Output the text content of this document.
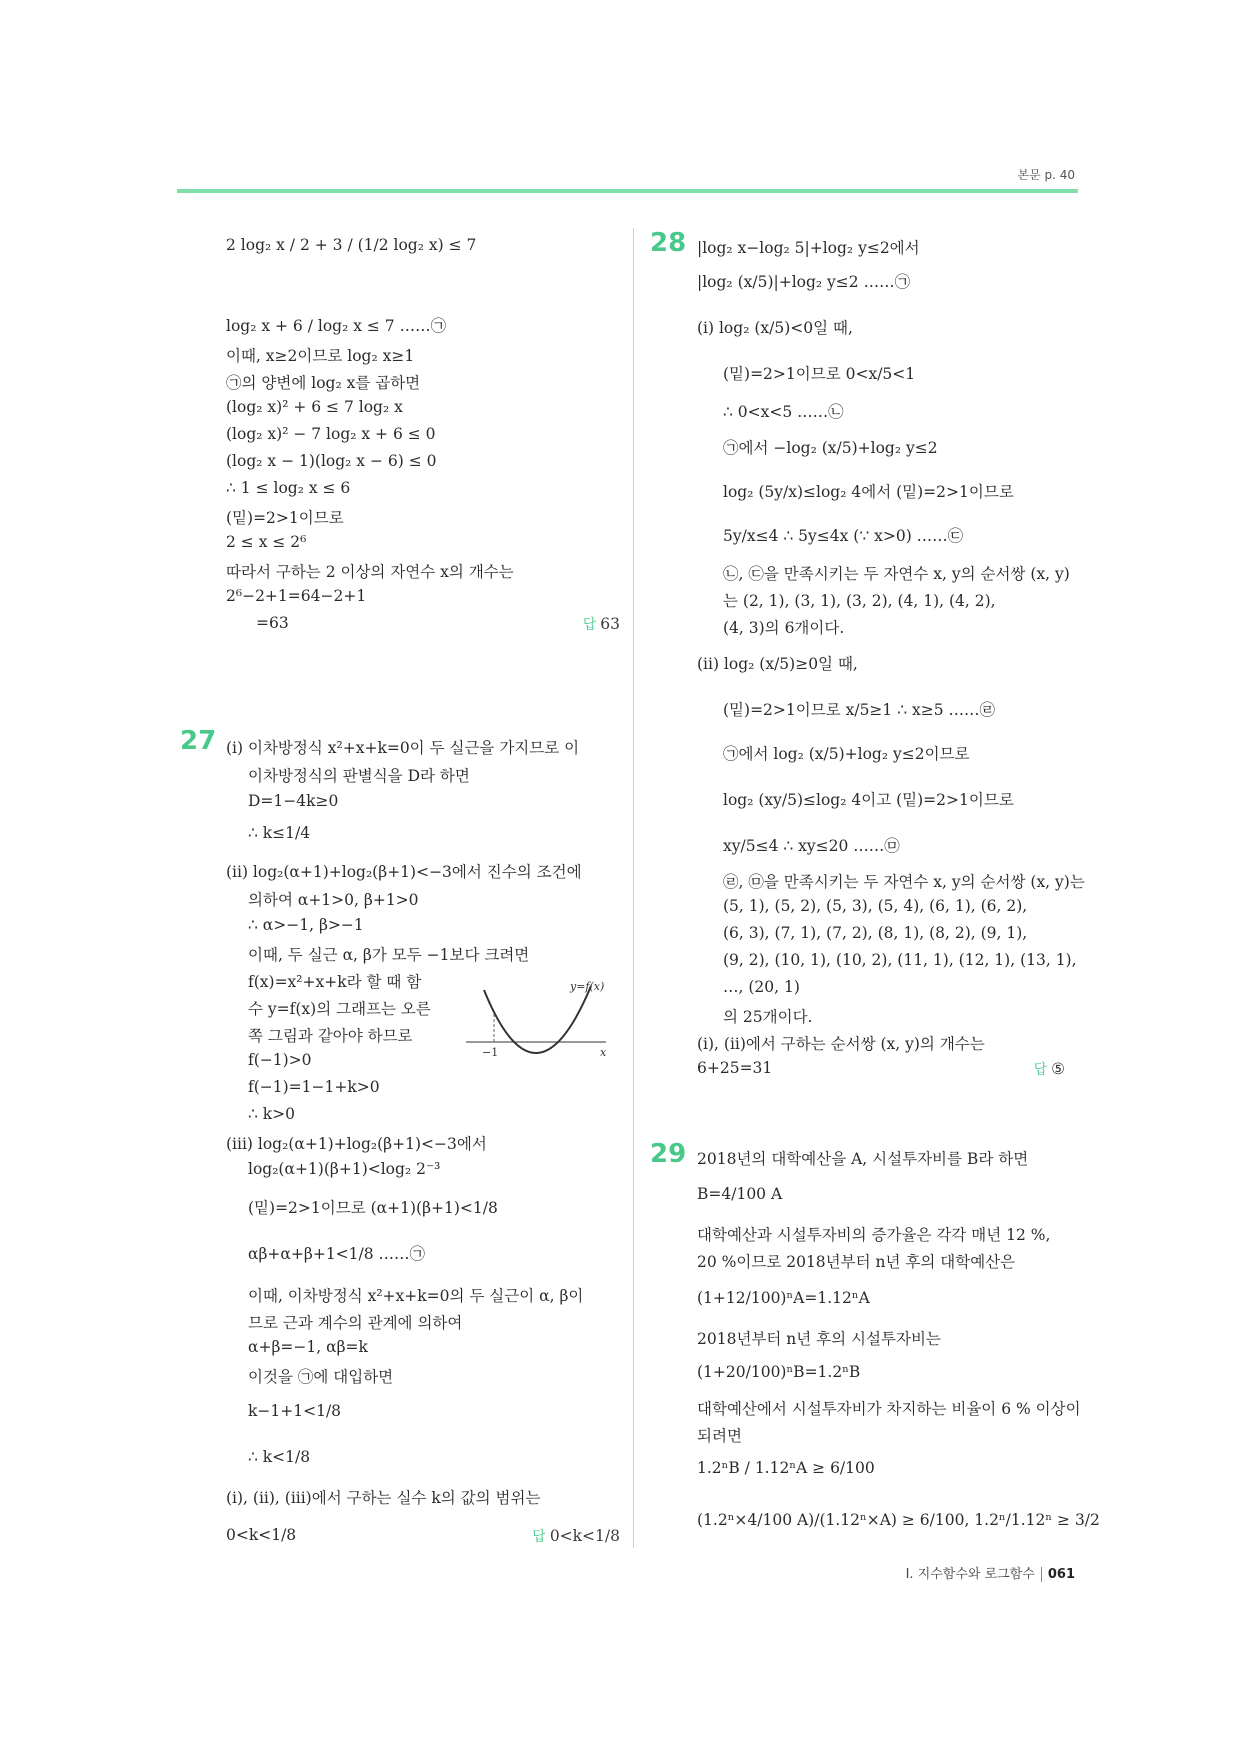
본문 p. 40
2 log₂ x / 2 + 3 / (1/2 log₂ x) ≤ 7
log₂ x + 6 / log₂ x ≤ 7 ……㉠
이때, x≥2이므로 log₂ x≥1
㉠의 양변에 log₂ x를 곱하면
(log₂ x)² + 6 ≤ 7 log₂ x
(log₂ x)² − 7 log₂ x + 6 ≤ 0
(log₂ x − 1)(log₂ x − 6) ≤ 0
∴ 1 ≤ log₂ x ≤ 6
(밑)=2>1이므로
2 ≤ x ≤ 2⁶
따라서 구하는 2 이상의 자연수 x의 개수는
2⁶−2+1=64−2+1
=63	답 63
27 (i) 이차방정식 x²+x+k=0이 두 실근을 가지므로 이
이차방정식의 판별식을 D라 하면
D=1−4k≥0
∴ k≤1/4
(ii) log₂(α+1)+log₂(β+1)<−3에서 진수의 조건에
의하여 α+1>0, β+1>0
∴ α>−1, β>−1
이때, 두 실근 α, β가 모두 −1보다 크려면
f(x)=x²+x+k라 할 때 함
수 y=f(x)의 그래프는 오른
쪽 그림과 같아야 하므로
f(−1)>0
f(−1)=1−1+k>0
∴ k>0
(iii) log₂(α+1)+log₂(β+1)<−3에서
log₂(α+1)(β+1)<log₂ 2⁻³
(밑)=2>1이므로 (α+1)(β+1)<1/8
αβ+α+β+1<1/8 ……㉠
이때, 이차방정식 x²+x+k=0의 두 실근이 α, β이
므로 근과 계수의 관계에 의하여
α+β=−1, αβ=k
이것을 ㉠에 대입하면
k−1+1<1/8
∴ k<1/8
(i), (ii), (iii)에서 구하는 실수 k의 값의 범위는
0<k<1/8	답 0<k<1/8
y=f(x)
x
−1
28 |log₂ x−log₂ 5|+log₂ y≤2에서
|log₂ (x/5)|+log₂ y≤2 ……㉠
(i) log₂ (x/5)<0일 때,
(밑)=2>1이므로 0<x/5<1
∴ 0<x<5 ……㉡
㉠에서 −log₂ (x/5)+log₂ y≤2
log₂ (5y/x)≤log₂ 4에서 (밑)=2>1이므로
5y/x≤4 ∴ 5y≤4x (∵ x>0) ……㉢
㉡, ㉢을 만족시키는 두 자연수 x, y의 순서쌍 (x, y)
는 (2, 1), (3, 1), (3, 2), (4, 1), (4, 2),
(4, 3)의 6개이다.
(ii) log₂ (x/5)≥0일 때,
(밑)=2>1이므로 x/5≥1 ∴ x≥5 ……㉣
㉠에서 log₂ (x/5)+log₂ y≤2이므로
log₂ (xy/5)≤log₂ 4이고 (밑)=2>1이므로
xy/5≤4 ∴ xy≤20 ……㉤
㉣, ㉤을 만족시키는 두 자연수 x, y의 순서쌍 (x, y)는
(5, 1), (5, 2), (5, 3), (5, 4), (6, 1), (6, 2),
(6, 3), (7, 1), (7, 2), (8, 1), (8, 2), (9, 1),
(9, 2), (10, 1), (10, 2), (11, 1), (12, 1), (13, 1),
…, (20, 1)
의 25개이다.
(i), (ii)에서 구하는 순서쌍 (x, y)의 개수는
6+25=31	답 ⑤
29 2018년의 대학예산을 A, 시설투자비를 B라 하면
B=4/100 A
대학예산과 시설투자비의 증가율은 각각 매년 12 %,
20 %이므로 2018년부터 n년 후의 대학예산은
(1+12/100)ⁿA=1.12ⁿA
2018년부터 n년 후의 시설투자비는
(1+20/100)ⁿB=1.2ⁿB
대학예산에서 시설투자비가 차지하는 비율이 6 % 이상이
되려면
1.2ⁿB / 1.12ⁿA ≥ 6/100
(1.2ⁿ×4/100 A)/(1.12ⁿ×A) ≥ 6/100, 1.2ⁿ/1.12ⁿ ≥ 3/2
Ⅰ. 지수함수와 로그함수 061
